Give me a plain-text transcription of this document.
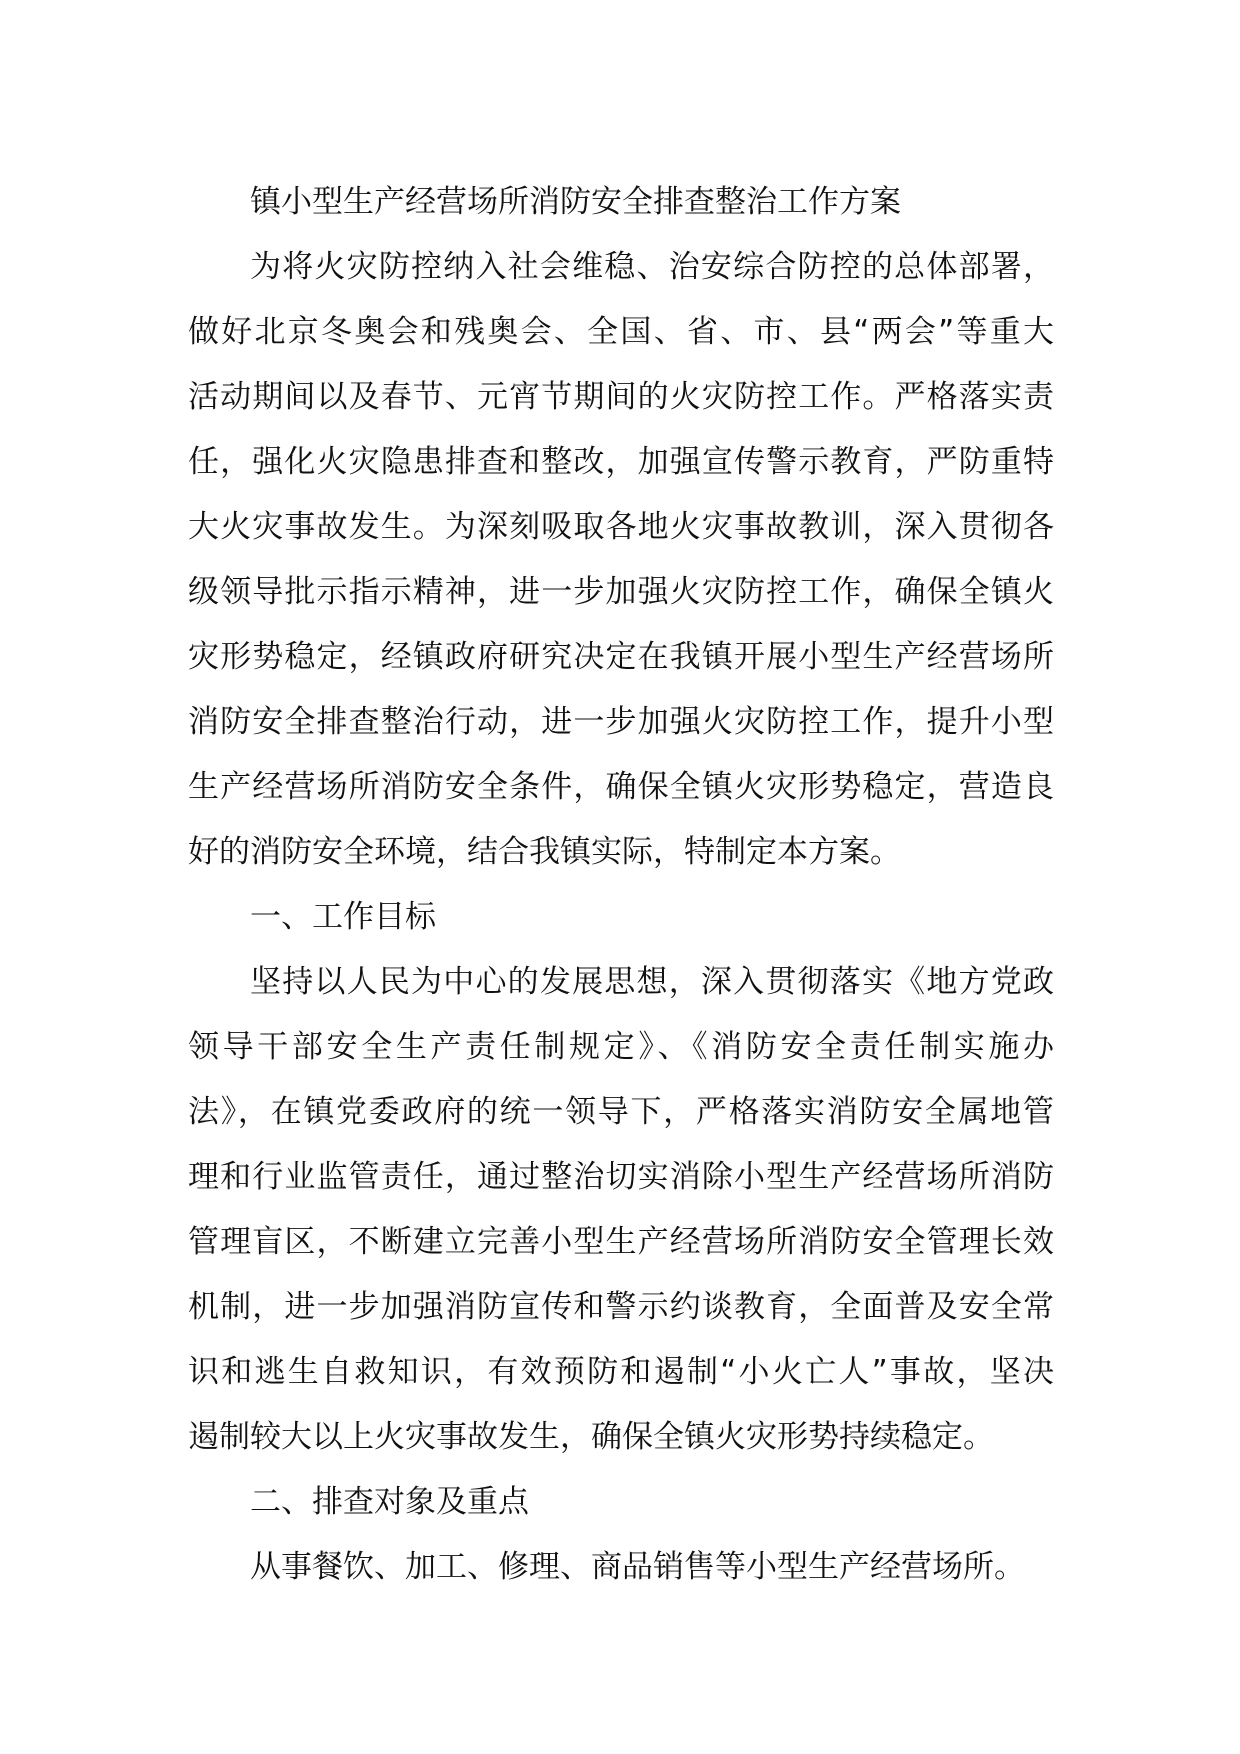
镇小型生产经营场所消防安全排查整治工作方案
为将火灾防控纳入社会维稳、治安综合防控的总体部署，
做好北京冬奥会和残奥会、全国、省、市、县“两会”等重大
活动期间以及春节、元宵节期间的火灾防控工作。严格落实责
任，强化火灾隐患排查和整改，加强宣传警示教育，严防重特
大火灾事故发生。为深刻吸取各地火灾事故教训，深入贯彻各
级领导批示指示精神，进一步加强火灾防控工作，确保全镇火
灾形势稳定，经镇政府研究决定在我镇开展小型生产经营场所
消防安全排查整治行动，进一步加强火灾防控工作，提升小型
生产经营场所消防安全条件，确保全镇火灾形势稳定，营造良
好的消防安全环境，结合我镇实际，特制定本方案。
一、工作目标
坚持以人民为中心的发展思想，深入贯彻落实《地方党政
领导干部安全生产责任制规定》、《消防安全责任制实施办
法》，在镇党委政府的统一领导下，严格落实消防安全属地管
理和行业监管责任，通过整治切实消除小型生产经营场所消防
管理盲区，不断建立完善小型生产经营场所消防安全管理长效
机制，进一步加强消防宣传和警示约谈教育，全面普及安全常
识和逃生自救知识，有效预防和遏制“小火亡人”事故，坚决
遏制较大以上火灾事故发生，确保全镇火灾形势持续稳定。
二、排查对象及重点
从事餐饮、加工、修理、商品销售等小型生产经营场所。
